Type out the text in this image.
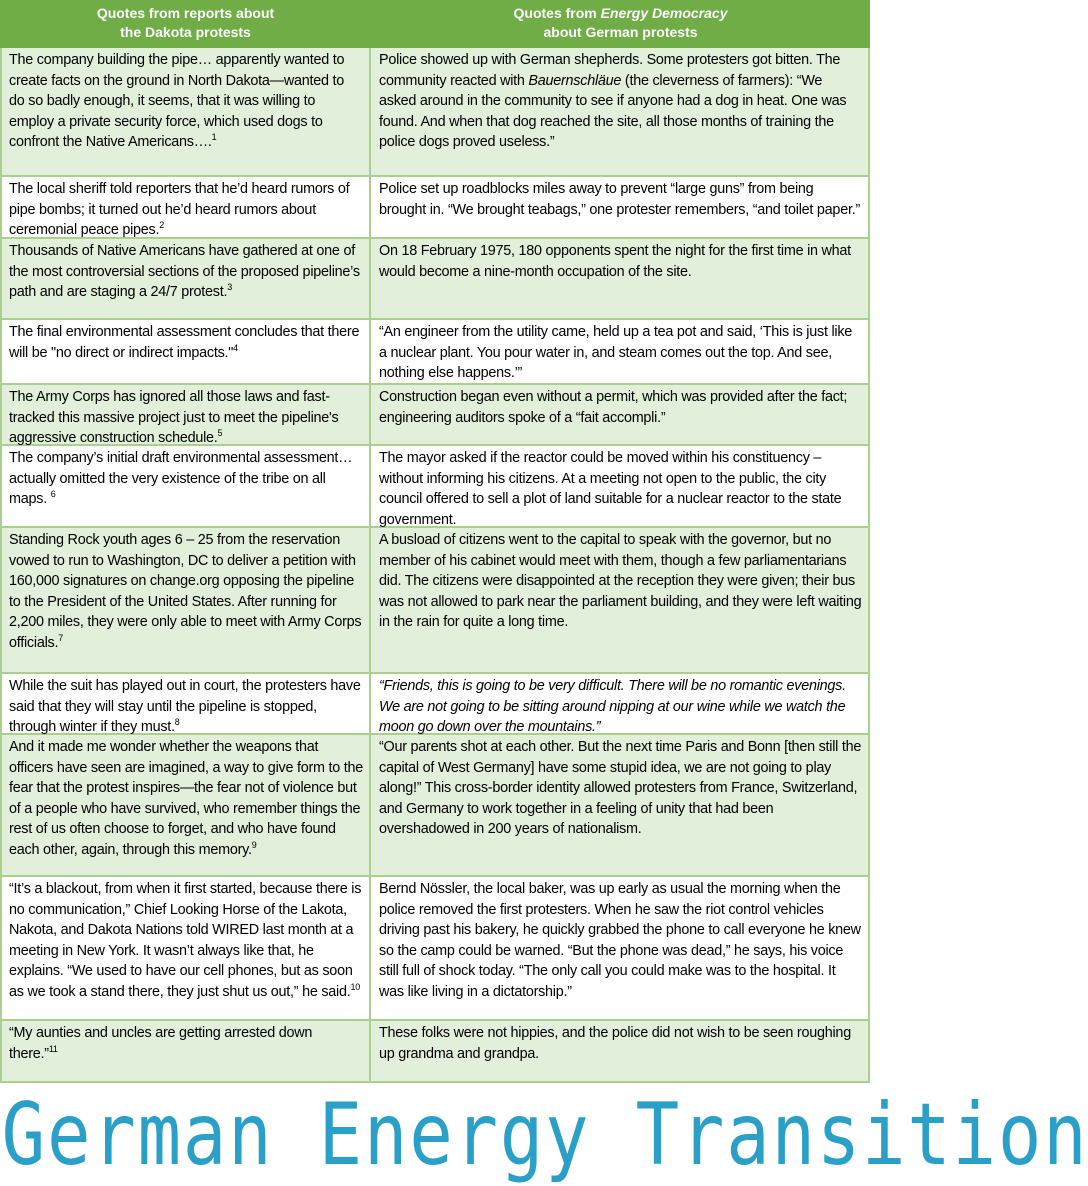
Quotes from reports about
the Dakota protests
Quotes from Energy Democracy
about German protests
The company building the pipe… apparently wanted to create facts on the ground in North Dakota—wanted to do so badly enough, it seems, that it was willing to employ a private security force, which used dogs to confront the Native Americans….$^1$
Police showed up with German shepherds. Some protesters got bitten. The community reacted with Bauernschläue (the cleverness of farmers): “We asked around in the community to see if anyone had a dog in heat. One was found. And when that dog reached the site, all those months of training the police dogs proved useless.”
The local sheriff told reporters that he’d heard rumors of pipe bombs; it turned out he’d heard rumors about ceremonial peace pipes.$^2$
Police set up roadblocks miles away to prevent “large guns” from being brought in. “We brought teabags,” one protester remembers, “and toilet paper.”
Thousands of Native Americans have gathered at one of the most controversial sections of the proposed pipeline’s path and are staging a 24/7 protest.$^3$
On 18 February 1975, 180 opponents spent the night for the first time in what would become a nine-month occupation of the site.
The final environmental assessment concludes that there will be "no direct or indirect impacts."$^4$
“An engineer from the utility came, held up a tea pot and said, ‘This is just like a nuclear plant. You pour water in, and steam comes out the top. And see, nothing else happens.’”
The Army Corps has ignored all those laws and fast-tracked this massive project just to meet the pipeline's aggressive construction schedule.$^5$
Construction began even without a permit, which was provided after the fact; engineering auditors spoke of a “fait accompli.”
The company’s initial draft environmental assessment… actually omitted the very existence of the tribe on all maps. $^6$
The mayor asked if the reactor could be moved within his constituency – without informing his citizens. At a meeting not open to the public, the city council offered to sell a plot of land suitable for a nuclear reactor to the state government.
Standing Rock youth ages 6 – 25 from the reservation vowed to run to Washington, DC to deliver a petition with 160,000 signatures on change.org opposing the pipeline to the President of the United States. After running for 2,200 miles, they were only able to meet with Army Corps officials.$^7$
A busload of citizens went to the capital to speak with the governor, but no member of his cabinet would meet with them, though a few parliamentarians did. The citizens were disappointed at the reception they were given; their bus was not allowed to park near the parliament building, and they were left waiting in the rain for quite a long time.
While the suit has played out in court, the protesters have said that they will stay until the pipeline is stopped, through winter if they must.$^8$
“Friends, this is going to be very difficult. There will be no romantic evenings. We are not going to be sitting around nipping at our wine while we watch the moon go down over the mountains.”
And it made me wonder whether the weapons that officers have seen are imagined, a way to give form to the fear that the protest inspires—the fear not of violence but of a people who have survived, who remember things the rest of us often choose to forget, and who have found each other, again, through this memory.$^9$
“Our parents shot at each other. But the next time Paris and Bonn [then still the capital of West Germany] have some stupid idea, we are not going to play along!” This cross-border identity allowed protesters from France, Switzerland, and Germany to work together in a feeling of unity that had been overshadowed in 200 years of nationalism.
“It’s a blackout, from when it first started, because there is no communication,” Chief Looking Horse of the Lakota, Nakota, and Dakota Nations told WIRED last month at a meeting in New York. It wasn’t always like that, he explains. “We used to have our cell phones, but as soon as we took a stand there, they just shut us out,” he said.$^{10}$
Bernd Nössler, the local baker, was up early as usual the morning when the police removed the first protesters. When he saw the riot control vehicles driving past his bakery, he quickly grabbed the phone to call everyone he knew so the camp could be warned. “But the phone was dead,” he says, his voice still full of shock today. “The only call you could make was to the hospital. It was like living in a dictatorship.”
“My aunties and uncles are getting arrested down there.”$^{11}$
These folks were not hippies, and the police did not wish to be seen roughing up grandma and grandpa.
German Energy Transition
